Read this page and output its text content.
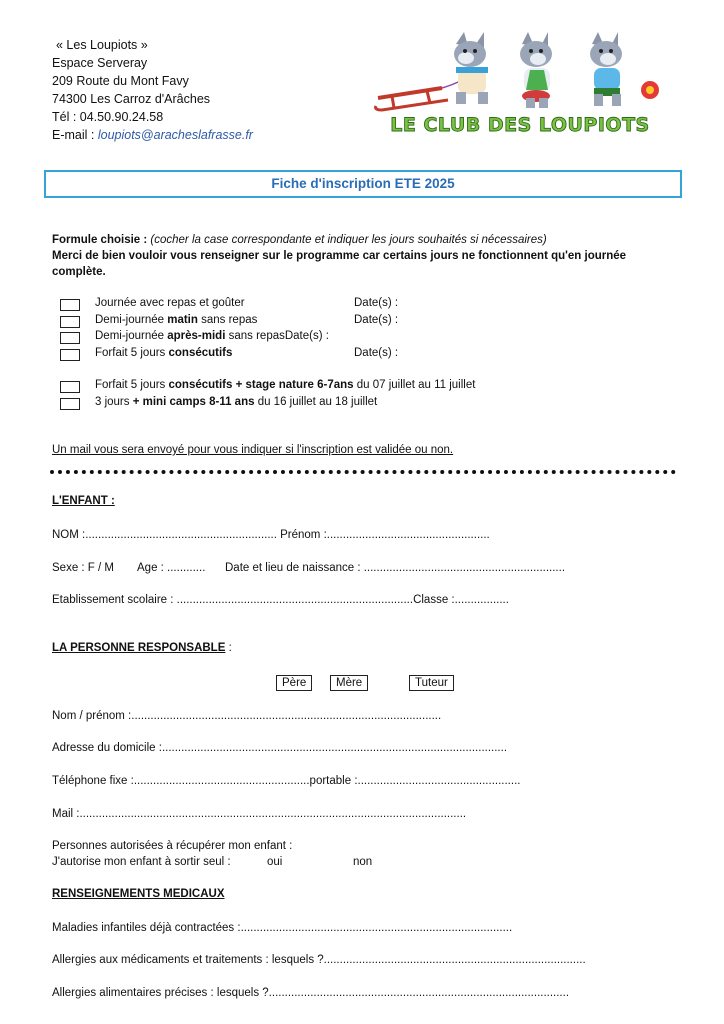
« Les Loupiots »
Espace Serveray
209 Route du Mont Favy
74300 Les Carroz d'Arâches
Tél : 04.50.90.24.58
E-mail : loupiots@aracheslafrasse.fr	LE CLUB DES LOUPIOTS
Fiche d'inscription ETE 2025
Formule choisie : (cocher la case correspondante et indiquer les jours souhaités si nécessaires)
Merci de bien vouloir vous renseigner sur le programme car certains jours ne fonctionnent qu'en journée complète.
Journée avec repas et goûter	Date(s) :
Demi-journée matin sans repas	Date(s) :
Demi-journée après-midi sans repasDate(s) :
Forfait 5 jours consécutifs	Date(s) :
Forfait 5 jours consécutifs + stage nature 6-7ans du 07 juillet au 11 juillet
3 jours + mini camps 8-11 ans du 16 juillet au 18 juillet
Un mail vous sera envoyé pour vous indiquer si l'inscription est validée ou non.
L'ENFANT :
NOM :............................................................ Prénom :...................................................
Sexe : F / M Age : ............ Date et lieu de naissance : ...............................................................
Etablissement scolaire : ..........................................................................Classe :.................
LA PERSONNE RESPONSABLE :
Père	Mère	Tuteur
Nom / prénom :.................................................................................................
Adresse du domicile :............................................................................................................
Téléphone fixe :.......................................................portable :...................................................
Mail :.........................................................................................................................
Personnes autorisées à récupérer mon enfant :
J'autorise mon enfant à sortir seul :	oui	non
RENSEIGNEMENTS MEDICAUX
Maladies infantiles déjà contractées :.....................................................................................
Allergies aux médicaments et traitements : lesquels ?..................................................................................
Allergies alimentaires précises : lesquels ?..............................................................................................
